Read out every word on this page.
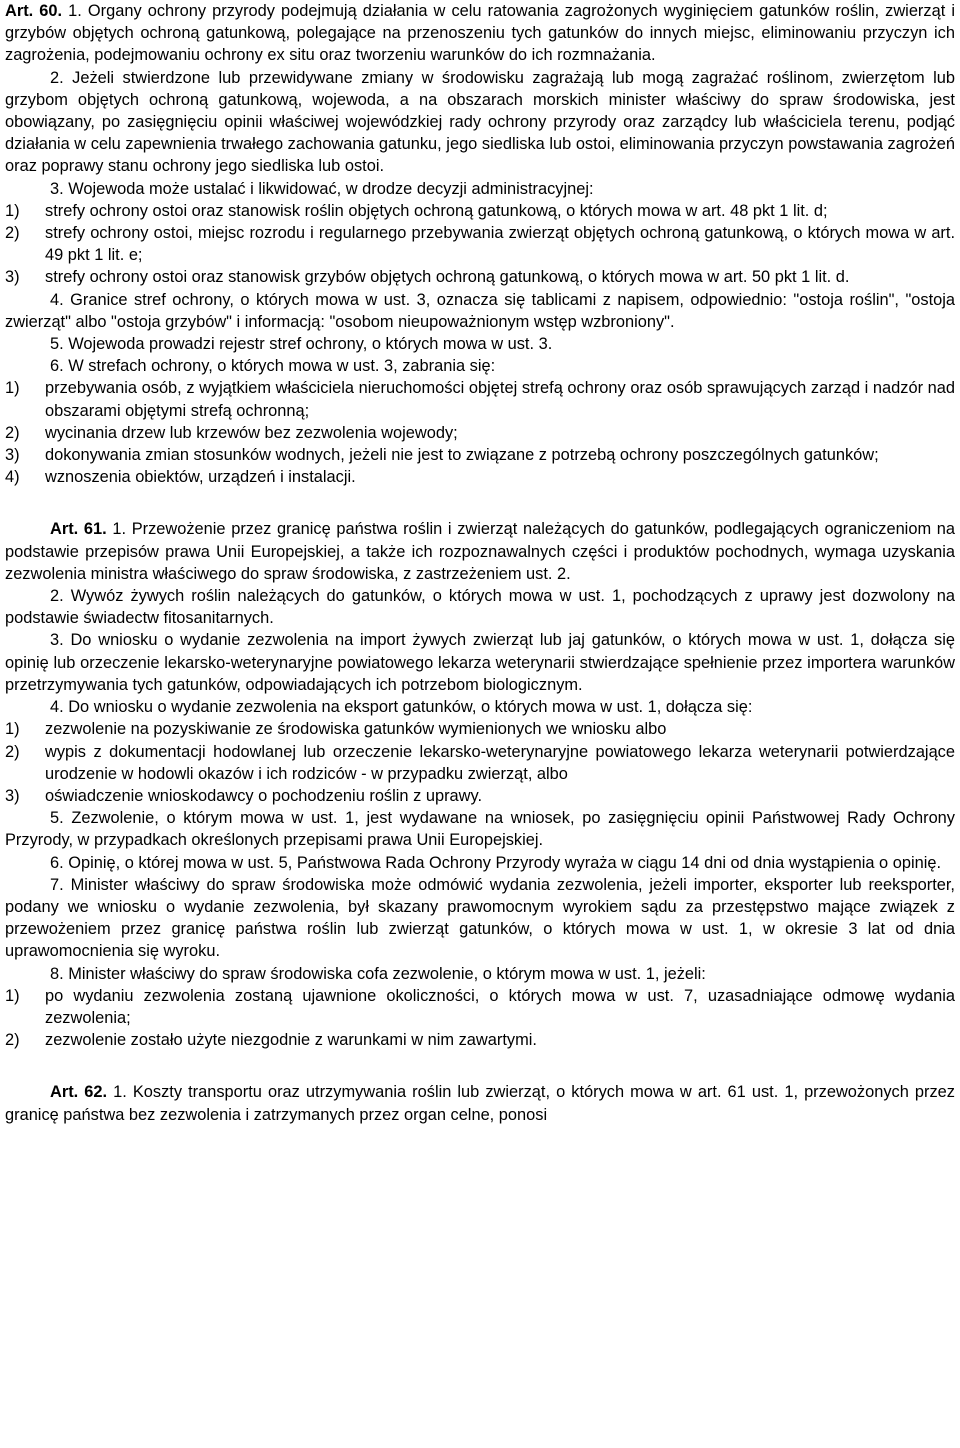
Art. 60. 1. Organy ochrony przyrody podejmują działania w celu ratowania zagrożonych wyginięciem gatunków roślin, zwierząt i grzybów objętych ochroną gatunkową, polegające na przenoszeniu tych gatunków do innych miejsc, eliminowaniu przyczyn ich zagrożenia, podejmowaniu ochrony ex situ oraz tworzeniu warunków do ich rozmnażania.

2. Jeżeli stwierdzone lub przewidywane zmiany w środowisku zagrażają lub mogą zagrażać roślinom, zwierzętom lub grzybom objętych ochroną gatunkową, wojewoda, a na obszarach morskich minister właściwy do spraw środowiska, jest obowiązany, po zasięgnięciu opinii właściwej wojewódzkiej rady ochrony przyrody oraz zarządcy lub właściciela terenu, podjąć działania w celu zapewnienia trwałego zachowania gatunku, jego siedliska lub ostoi, eliminowania przyczyn powstawania zagrożeń oraz poprawy stanu ochrony jego siedliska lub ostoi.

3. Wojewoda może ustalać i likwidować, w drodze decyzji administracyjnej:

1)	strefy ochrony ostoi oraz stanowisk roślin objętych ochroną gatunkową, o których mowa w art. 48 pkt 1 lit. d;
2)	strefy ochrony ostoi, miejsc rozrodu i regularnego przebywania zwierząt objętych ochroną gatunkową, o których mowa w art. 49 pkt 1 lit. e;
3)	strefy ochrony ostoi oraz stanowisk grzybów objętych ochroną gatunkową, o których mowa w art. 50 pkt 1 lit. d.

4. Granice stref ochrony, o których mowa w ust. 3, oznacza się tablicami z napisem, odpowiednio: "ostoja roślin", "ostoja zwierząt" albo "ostoja grzybów" i informacją: "osobom nieupoważnionym wstęp wzbroniony".

5. Wojewoda prowadzi rejestr stref ochrony, o których mowa w ust. 3.

6. W strefach ochrony, o których mowa w ust. 3, zabrania się:

1)	przebywania osób, z wyjątkiem właściciela nieruchomości objętej strefą ochrony oraz osób sprawujących zarząd i nadzór nad obszarami objętymi strefą ochronną;
2)	wycinania drzew lub krzewów bez zezwolenia wojewody;
3)	dokonywania zmian stosunków wodnych, jeżeli nie jest to związane z potrzebą ochrony poszczególnych gatunków;
4)	wznoszenia obiektów, urządzeń i instalacji.

Art. 61. 1. Przewożenie przez granicę państwa roślin i zwierząt należących do gatunków, podlegających ograniczeniom na podstawie przepisów prawa Unii Europejskiej, a także ich rozpoznawalnych części i produktów pochodnych, wymaga uzyskania zezwolenia ministra właściwego do spraw środowiska, z zastrzeżeniem ust. 2.

2. Wywóz żywych roślin należących do gatunków, o których mowa w ust. 1, pochodzących z uprawy jest dozwolony na podstawie świadectw fitosanitarnych.

3. Do wniosku o wydanie zezwolenia na import żywych zwierząt lub jaj gatunków, o których mowa w ust. 1, dołącza się opinię lub orzeczenie lekarsko-weterynaryjne powiatowego lekarza weterynarii stwierdzające spełnienie przez importera warunków przetrzymywania tych gatunków, odpowiadających ich potrzebom biologicznym.

4. Do wniosku o wydanie zezwolenia na eksport gatunków, o których mowa w ust. 1, dołącza się:

1)	zezwolenie na pozyskiwanie ze środowiska gatunków wymienionych we wniosku albo
2)	wypis z dokumentacji hodowlanej lub orzeczenie lekarsko-weterynaryjne powiatowego lekarza weterynarii potwierdzające urodzenie w hodowli okazów i ich rodziców - w przypadku zwierząt, albo
3)	oświadczenie wnioskodawcy o pochodzeniu roślin z uprawy.

5. Zezwolenie, o którym mowa w ust. 1, jest wydawane na wniosek, po zasięgnięciu opinii Państwowej Rady Ochrony Przyrody, w przypadkach określonych przepisami prawa Unii Europejskiej.

6. Opinię, o której mowa w ust. 5, Państwowa Rada Ochrony Przyrody wyraża w ciągu 14 dni od dnia wystąpienia o opinię.

7. Minister właściwy do spraw środowiska może odmówić wydania zezwolenia, jeżeli importer, eksporter lub reeksporter, podany we wniosku o wydanie zezwolenia, był skazany prawomocnym wyrokiem sądu za przestępstwo mające związek z przewożeniem przez granicę państwa roślin lub zwierząt gatunków, o których mowa w ust. 1, w okresie 3 lat od dnia uprawomocnienia się wyroku.

8. Minister właściwy do spraw środowiska cofa zezwolenie, o którym mowa w ust. 1, jeżeli:

1)	po wydaniu zezwolenia zostaną ujawnione okoliczności, o których mowa w ust. 7, uzasadniające odmowę wydania zezwolenia;
2)	zezwolenie zostało użyte niezgodnie z warunkami w nim zawartymi.

Art. 62. 1. Koszty transportu oraz utrzymywania roślin lub zwierząt, o których mowa w art. 61 ust. 1, przewożonych przez granicę państwa bez zezwolenia i zatrzymanych przez organ celne, ponosi
